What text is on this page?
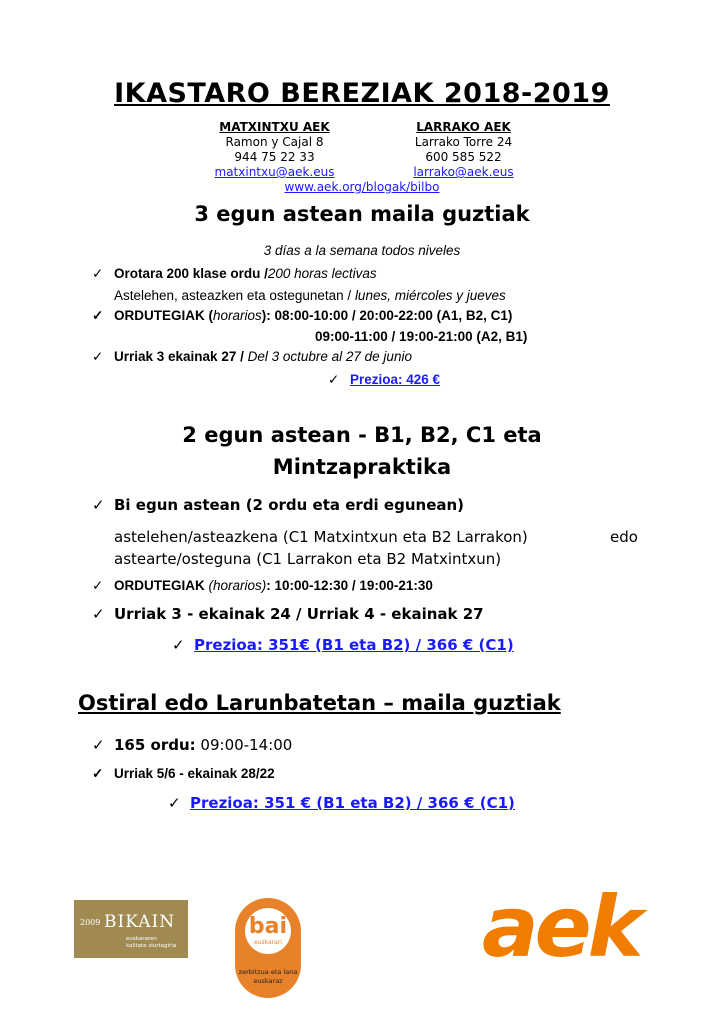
IKASTARO BEREZIAK 2018-2019
MATXINTXU AEK
Ramon y Cajal 8
944 75 22 33
matxintxu@aek.eus
LARRAKO AEK
Larrako Torre 24
600 585 522
larrako@aek.eus
www.aek.org/blogak/bilbo
3 egun astean maila guztiak
3 días a la semana todos niveles
✓ Orotara 200 klase ordu /200 horas lectivas
Astelehen, asteazken eta ostegunetan / lunes, miércoles y jueves
✓ ORDUTEGIAK (horarios): 08:00-10:00 / 20:00-22:00 (A1, B2, C1)
09:00-11:00 / 19:00-21:00 (A2, B1)
✓ Urriak 3 ekainak 27 / Del 3 octubre al 27 de junio
✓ Prezioa: 426 €
2 egun astean - B1, B2, C1 eta
Mintzapraktika
✓ Bi egun astean (2 ordu eta erdi egunean)
astelehen/asteazkena (C1 Matxintxun eta B2 Larrakon)	edo
astearte/osteguna (C1 Larrakon eta B2 Matxintxun)
✓ ORDUTEGIAK (horarios): 10:00-12:30 / 19:00-21:30
✓ Urriak 3 - ekainak 24 / Urriak 4 - ekainak 27
✓ Prezioa: 351€ (B1 eta B2) / 366 € (C1)
Ostiral edo Larunbatetan – maila guztiak
✓ 165 ordu: 09:00-14:00
✓ Urriak 5/6 - ekainak 28/22
✓ Prezioa: 351 € (B1 eta B2) / 366 € (C1)
2009 BIKAIN
euskararen
kalitate ziurtagiria
bai
euskarari
zerbitzua eta lana
euskaraz
aek
